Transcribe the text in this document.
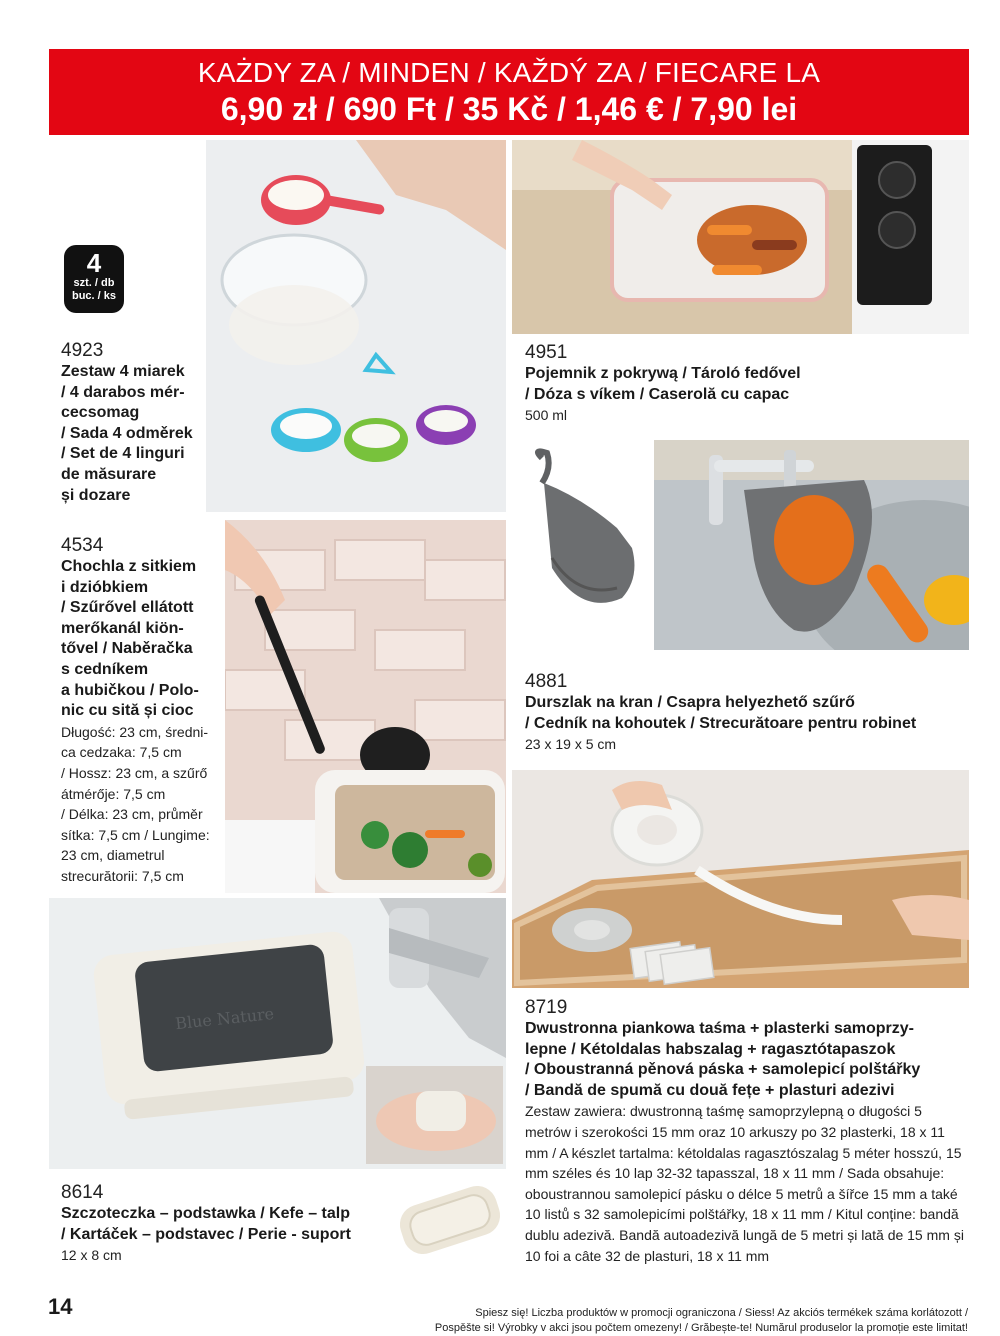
KAŻDY ZA / MINDEN / KAŽDÝ ZA / FIECARE LA
6,90 zł / 690 Ft / 35 Kč / 1,46 € / 7,90 lei
4
szt. / db
buc. / ks
4923
Zestaw 4 miarek
/ 4 darabos mér-
cecsomag
/ Sada 4 odměrek
/ Set de 4 linguri
de măsurare
și dozare
4951
Pojemnik z pokrywą / Tároló fedővel
/ Dóza s víkem / Caserolă cu capac
500 ml
4534
Chochla z sitkiem
i dzióbkiem
/ Szűrővel ellátott
merőkanál kiön-
tővel / Naběračka
s cedníkem
a hubičkou / Polo-
nic cu sită și cioc
Długość: 23 cm, średni-
ca cedzaka: 7,5 cm
/ Hossz: 23 cm, a szűrő
átmérője: 7,5 cm
/ Délka: 23 cm, průměr
sítka: 7,5 cm / Lungime:
23 cm, diametrul
strecurătorii: 7,5 cm
4881
Durszlak na kran / Csapra helyezhető szűrő
/ Cedník na kohoutek / Strecurătoare pentru robinet
23 x 19 x 5 cm
Blue Nature	8719
Dwustronna piankowa taśma + plasterki samoprzy-
lepne / Kétoldalas habszalag + ragasztótapaszok
/ Oboustranná pěnová páska + samolepicí polštářky
/ Bandă de spumă cu două fețe + plasturi adezivi
Zestaw zawiera: dwustronną taśmę samoprzylepną o długości 5
metrów i szerokości 15 mm oraz 10 arkuszy po 32 plasterki, 18 x 11
mm / A készlet tartalma: kétoldalas ragasztószalag 5 méter hosszú, 15
mm széles és 10 lap 32-32 tapasszal, 18 x 11 mm / Sada obsahuje:
oboustrannou samolepicí pásku o délce 5 metrů a šířce 15 mm a také
10 listů s 32 samolepicími polštářky, 18 x 11 mm / Kitul conține: bandă
dublu adezivă. Bandă autoadezivă lungă de 5 metri și lată de 15 mm și
10 foi a câte 32 de plasturi, 18 x 11 mm
8614
Szczoteczka – podstawka / Kefe – talp
/ Kartáček – podstavec / Perie - suport
12 x 8 cm
14	Spiesz się! Liczba produktów w promocji ograniczona / Siess! Az akciós termékek száma korlátozott /
Pospěšte si! Výrobky v akci jsou počtem omezeny! / Grăbește-te! Numărul produselor la promoție este limitat!
